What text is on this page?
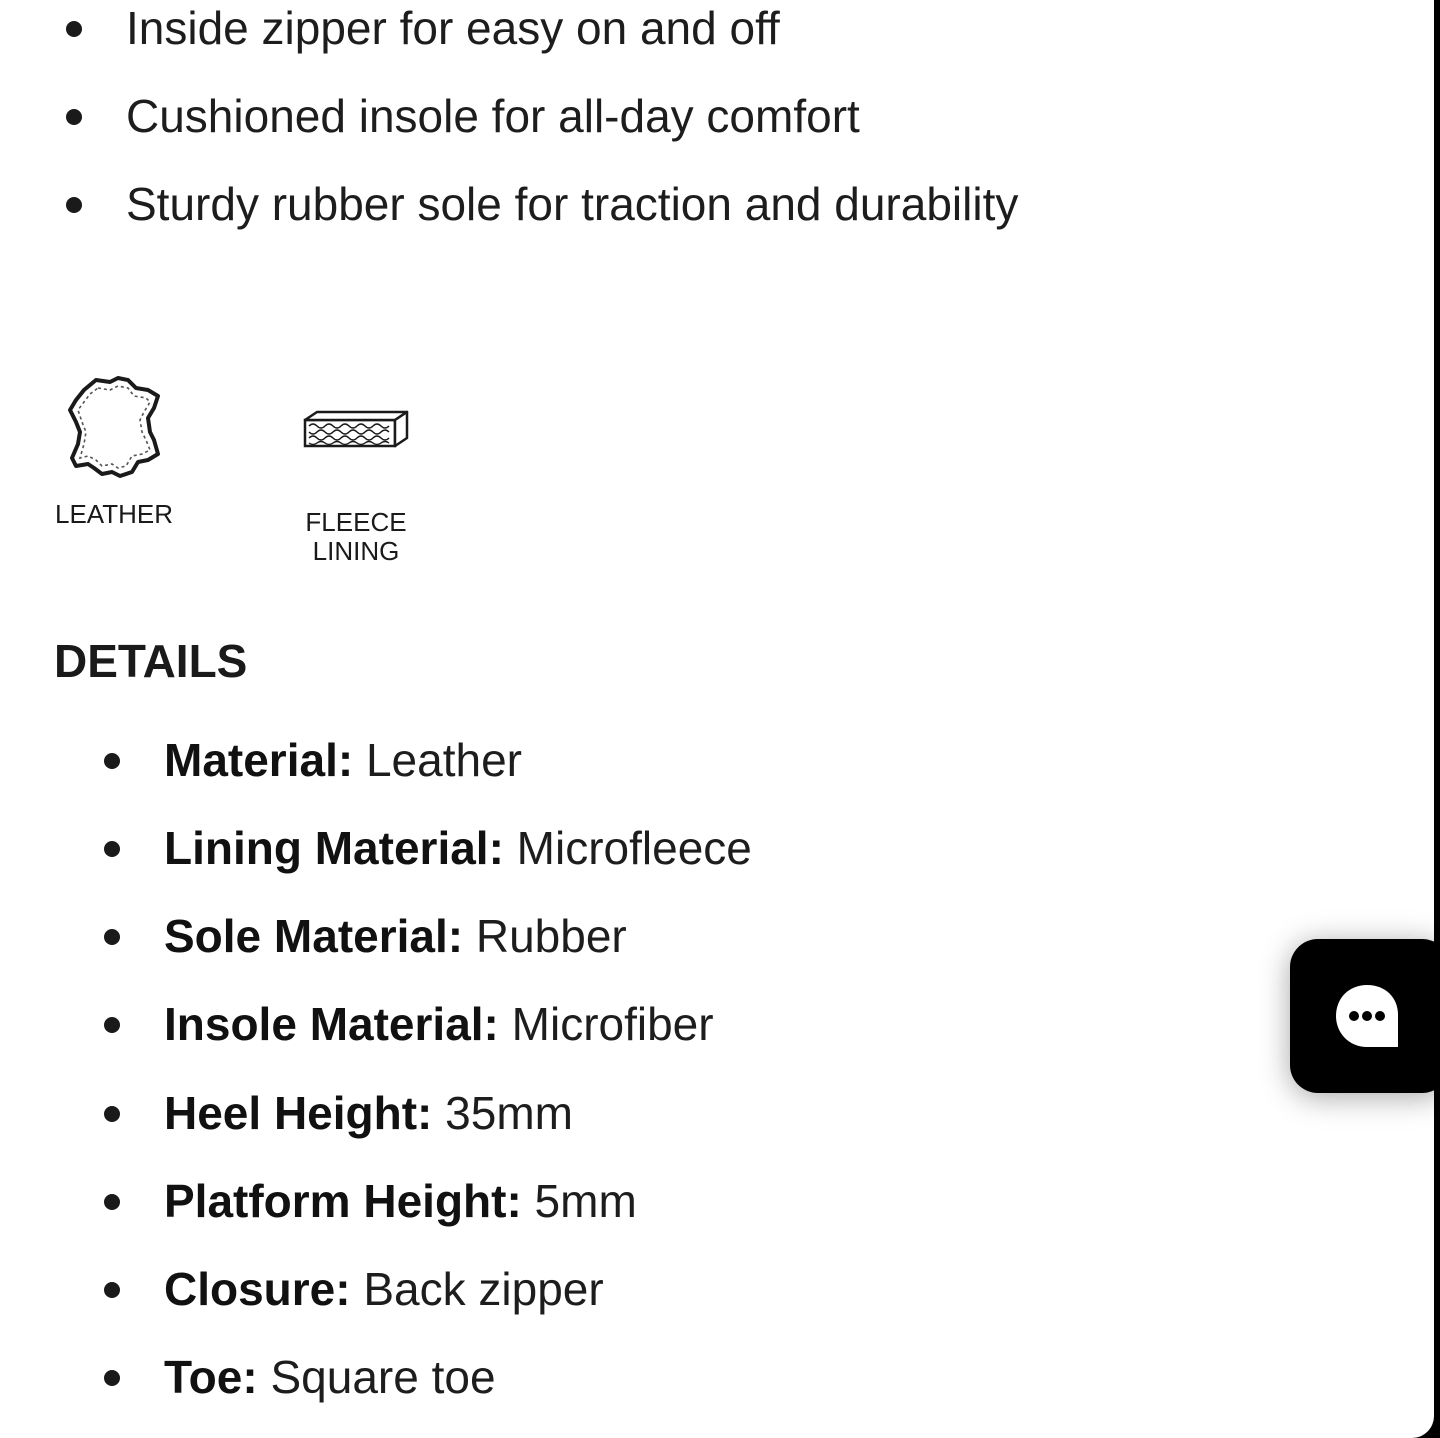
Inside zipper for easy on and off
Cushioned insole for all-day comfort
Sturdy rubber sole for traction and durability
LEATHER	FLEECE
LINING
DETAILS
Material: Leather
Lining Material: Microfleece
Sole Material: Rubber
Insole Material: Microfiber
Heel Height: 35mm
Platform Height: 5mm
Closure: Back zipper
Toe: Square toe
